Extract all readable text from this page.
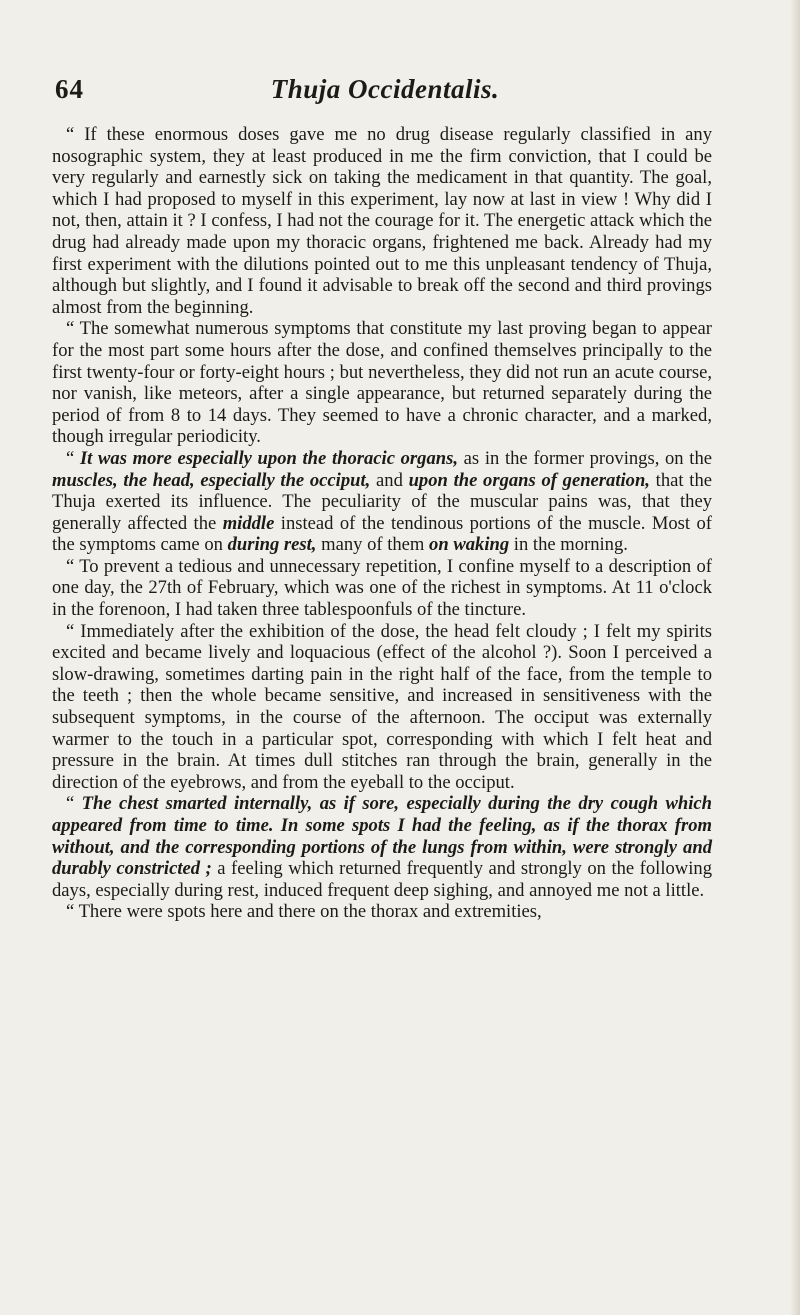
64	Thuja Occidentalis.

“ If these enormous doses gave me no drug disease regularly classified in any nosographic system, they at least produced in me the firm conviction, that I could be very regularly and earnestly sick on taking the medicament in that quantity. The goal, which I had proposed to myself in this experiment, lay now at last in view ! Why did I not, then, attain it ? I confess, I had not the courage for it. The energetic attack which the drug had already made upon my thoracic organs, frightened me back. Already had my first experiment with the dilutions pointed out to me this unpleasant tendency of Thuja, although but slightly, and I found it advisable to break off the second and third provings almost from the beginning.

“ The somewhat numerous symptoms that constitute my last proving began to appear for the most part some hours after the dose, and confined themselves principally to the first twenty-four or forty-eight hours ; but nevertheless, they did not run an acute course, nor vanish, like meteors, after a single appearance, but returned separately during the period of from 8 to 14 days. They seemed to have a chronic character, and a marked, though irregular periodicity.

“ It was more especially upon the thoracic organs, as in the former provings, on the muscles, the head, especially the occiput, and upon the organs of generation, that the Thuja exerted its influence. The peculiarity of the muscular pains was, that they generally affected the middle instead of the tendinous portions of the muscle. Most of the symptoms came on during rest, many of them on waking in the morning.

“ To prevent a tedious and unnecessary repetition, I confine myself to a description of one day, the 27th of February, which was one of the richest in symptoms. At 11 o'clock in the forenoon, I had taken three tablespoonfuls of the tincture.

“ Immediately after the exhibition of the dose, the head felt cloudy ; I felt my spirits excited and became lively and loquacious (effect of the alcohol ?). Soon I perceived a slow-drawing, sometimes darting pain in the right half of the face, from the temple to the teeth ; then the whole became sensitive, and increased in sensitiveness with the subsequent symptoms, in the course of the afternoon. The occiput was externally warmer to the touch in a particular spot, corresponding with which I felt heat and pressure in the brain. At times dull stitches ran through the brain, generally in the direction of the eyebrows, and from the eyeball to the occiput.

“ The chest smarted internally, as if sore, especially during the dry cough which appeared from time to time. In some spots I had the feeling, as if the thorax from without, and the corresponding portions of the lungs from within, were strongly and durably constricted ; a feeling which returned frequently and strongly on the following days, especially during rest, induced frequent deep sighing, and annoyed me not a little.

“ There were spots here and there on the thorax and extremities,
